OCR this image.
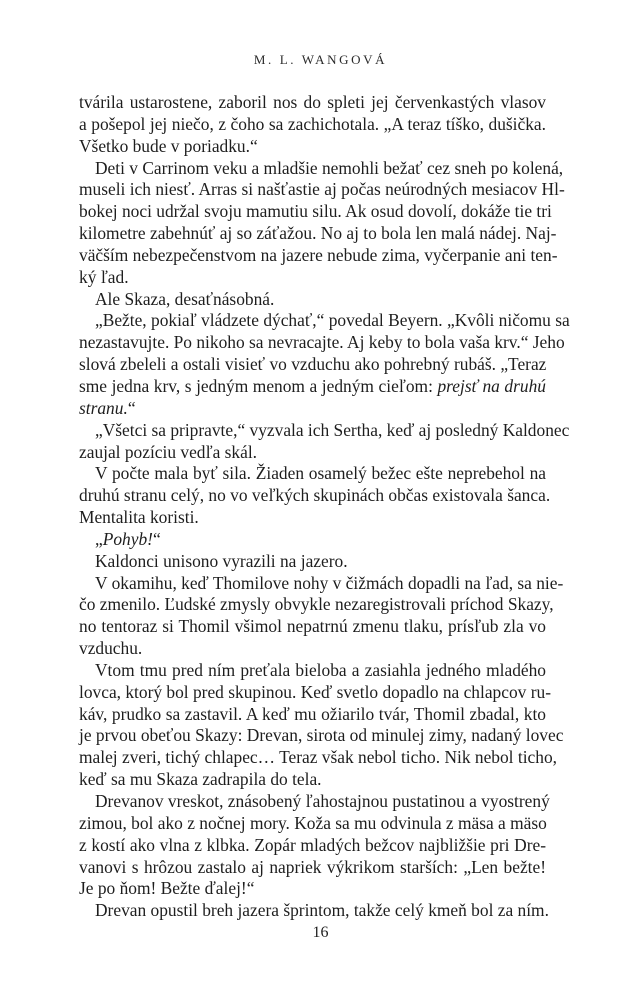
M. L. WANGOVÁ
tvárila ustarostene, zaboril nos do spleti jej červenkastých vlasov
a pošepol jej niečo, z čoho sa zachichotala. „A teraz tíško, dušička.
Všetko bude v poriadku.“
Deti v Carrinom veku a mladšie nemohli bežať cez sneh po kolená,
museli ich niesť. Arras si našťastie aj počas neúrodných mesiacov Hl-
bokej noci udržal svoju mamutiu silu. Ak osud dovolí, dokáže tie tri
kilometre zabehnúť aj so záťažou. No aj to bola len malá nádej. Naj-
väčším nebezpečenstvom na jazere nebude zima, vyčerpanie ani ten-
ký ľad.
Ale Skaza, desaťnásobná.
„Bežte, pokiaľ vládzete dýchať,“ povedal Beyern. „Kvôli ničomu sa
nezastavujte. Po nikoho sa nevracajte. Aj keby to bola vaša krv.“ Jeho
slová zbeleli a ostali visieť vo vzduchu ako pohrebný rubáš. „Teraz
sme jedna krv, s jedným menom a jedným cieľom: prejsť na druhú
stranu.“
„Všetci sa pripravte,“ vyzvala ich Sertha, keď aj posledný Kaldonec
zaujal pozíciu vedľa skál.
V počte mala byť sila. Žiaden osamelý bežec ešte neprebehol na
druhú stranu celý, no vo veľkých skupinách občas existovala šanca.
Mentalita koristi.
„Pohyb!“
Kaldonci unisono vyrazili na jazero.
V okamihu, keď Thomilove nohy v čižmách dopadli na ľad, sa nie-
čo zmenilo. Ľudské zmysly obvykle nezaregistrovali príchod Skazy,
no tentoraz si Thomil všimol nepatrnú zmenu tlaku, prísľub zla vo
vzduchu.
Vtom tmu pred ním preťala bieloba a zasiahla jedného mladého
lovca, ktorý bol pred skupinou. Keď svetlo dopadlo na chlapcov ru-
káv, prudko sa zastavil. A keď mu ožiarilo tvár, Thomil zbadal, kto
je prvou obeťou Skazy: Drevan, sirota od minulej zimy, nadaný lovec
malej zveri, tichý chlapec… Teraz však nebol ticho. Nik nebol ticho,
keď sa mu Skaza zadrapila do tela.
Drevanov vreskot, znásobený ľahostajnou pustatinou a vyostrený
zimou, bol ako z nočnej mory. Koža sa mu odvinula z mäsa a mäso
z kostí ako vlna z klbka. Zopár mladých bežcov najbližšie pri Dre-
vanovi s hrôzou zastalo aj napriek výkrikom starších: „Len bežte!
Je po ňom! Bežte ďalej!“
Drevan opustil breh jazera šprintom, takže celý kmeň bol za ním.
16
